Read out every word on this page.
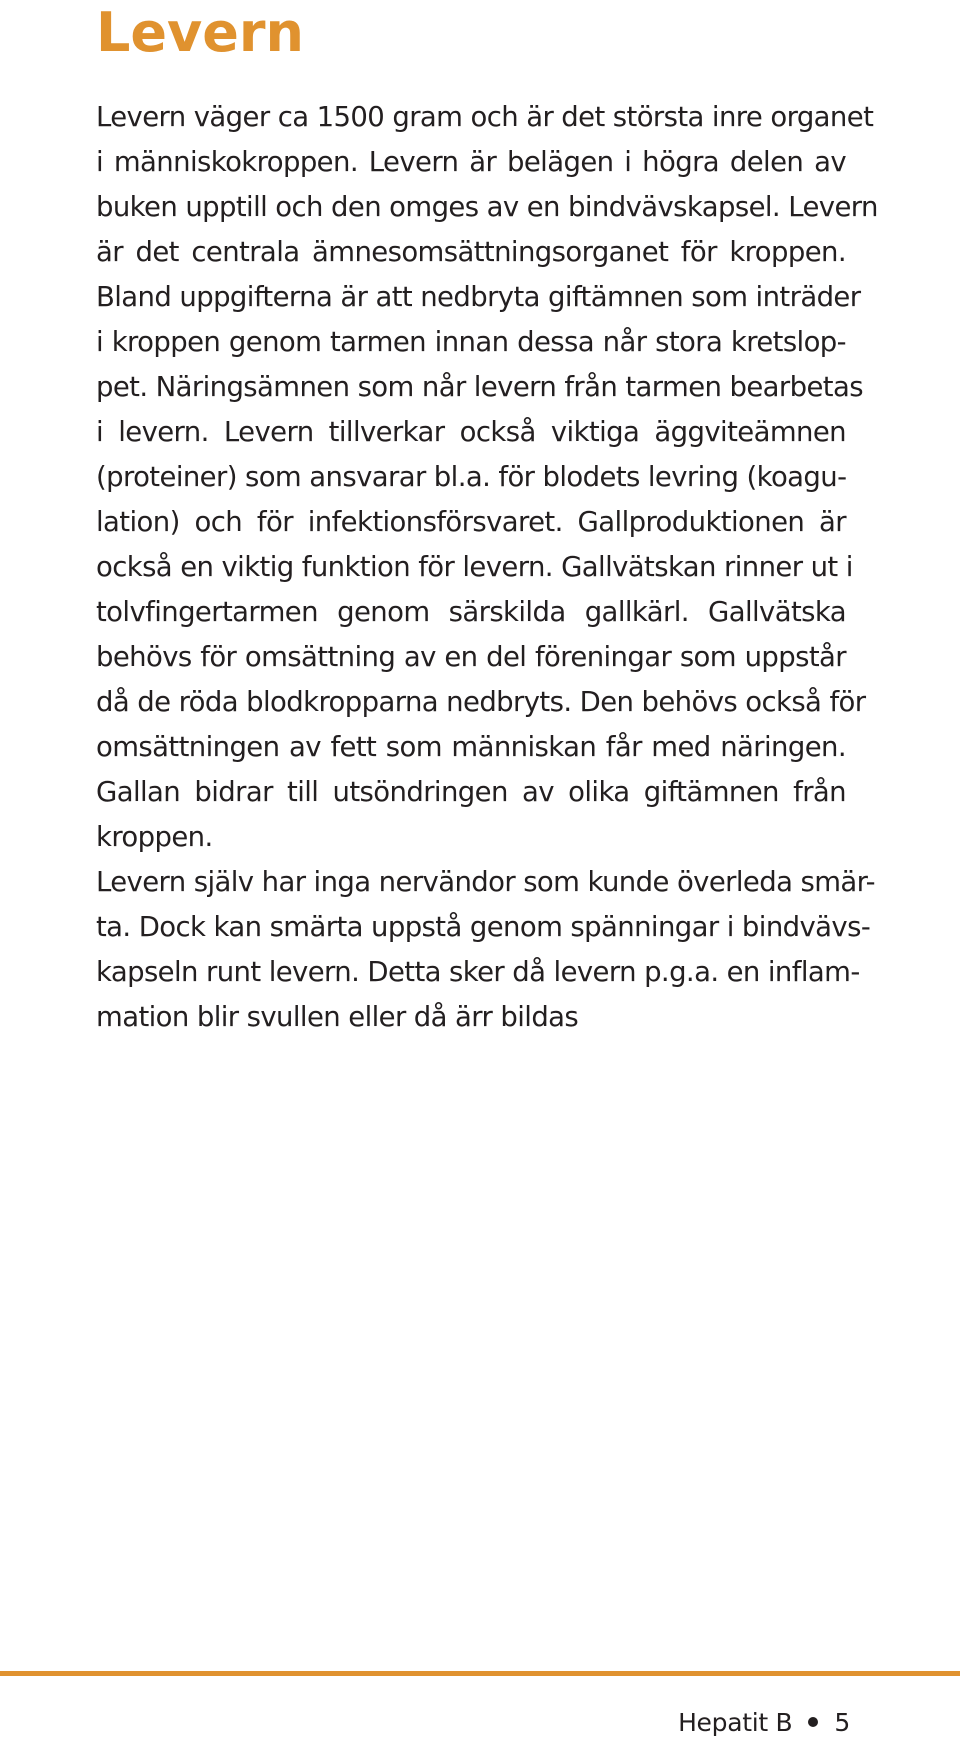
Levern
Levern väger ca 1500 gram och är det största inre organet
i människokroppen. Levern är belägen i högra delen av
buken upptill och den omges av en bindvävskapsel. Levern
är det centrala ämnesomsättningsorganet för kroppen.
Bland uppgifterna är att nedbryta giftämnen som inträder
i kroppen genom tarmen innan dessa når stora kretslop-
pet. Näringsämnen som når levern från tarmen bearbetas
i levern. Levern tillverkar också viktiga äggviteämnen
(proteiner) som ansvarar bl.a. för blodets levring (koagu-
lation) och för infektionsförsvaret. Gallproduktionen är
också en viktig funktion för levern. Gallvätskan rinner ut i
tolvfingertarmen genom särskilda gallkärl. Gallvätska
behövs för omsättning av en del föreningar som uppstår
då de röda blodkropparna nedbryts. Den behövs också för
omsättningen av fett som människan får med näringen.
Gallan bidrar till utsöndringen av olika giftämnen från
kroppen.
Levern själv har inga nervändor som kunde överleda smär-
ta. Dock kan smärta uppstå genom spänningar i bindvävs-
kapseln runt levern. Detta sker då levern p.g.a. en inflam-
mation blir svullen eller då ärr bildas
Hepatit B 5
